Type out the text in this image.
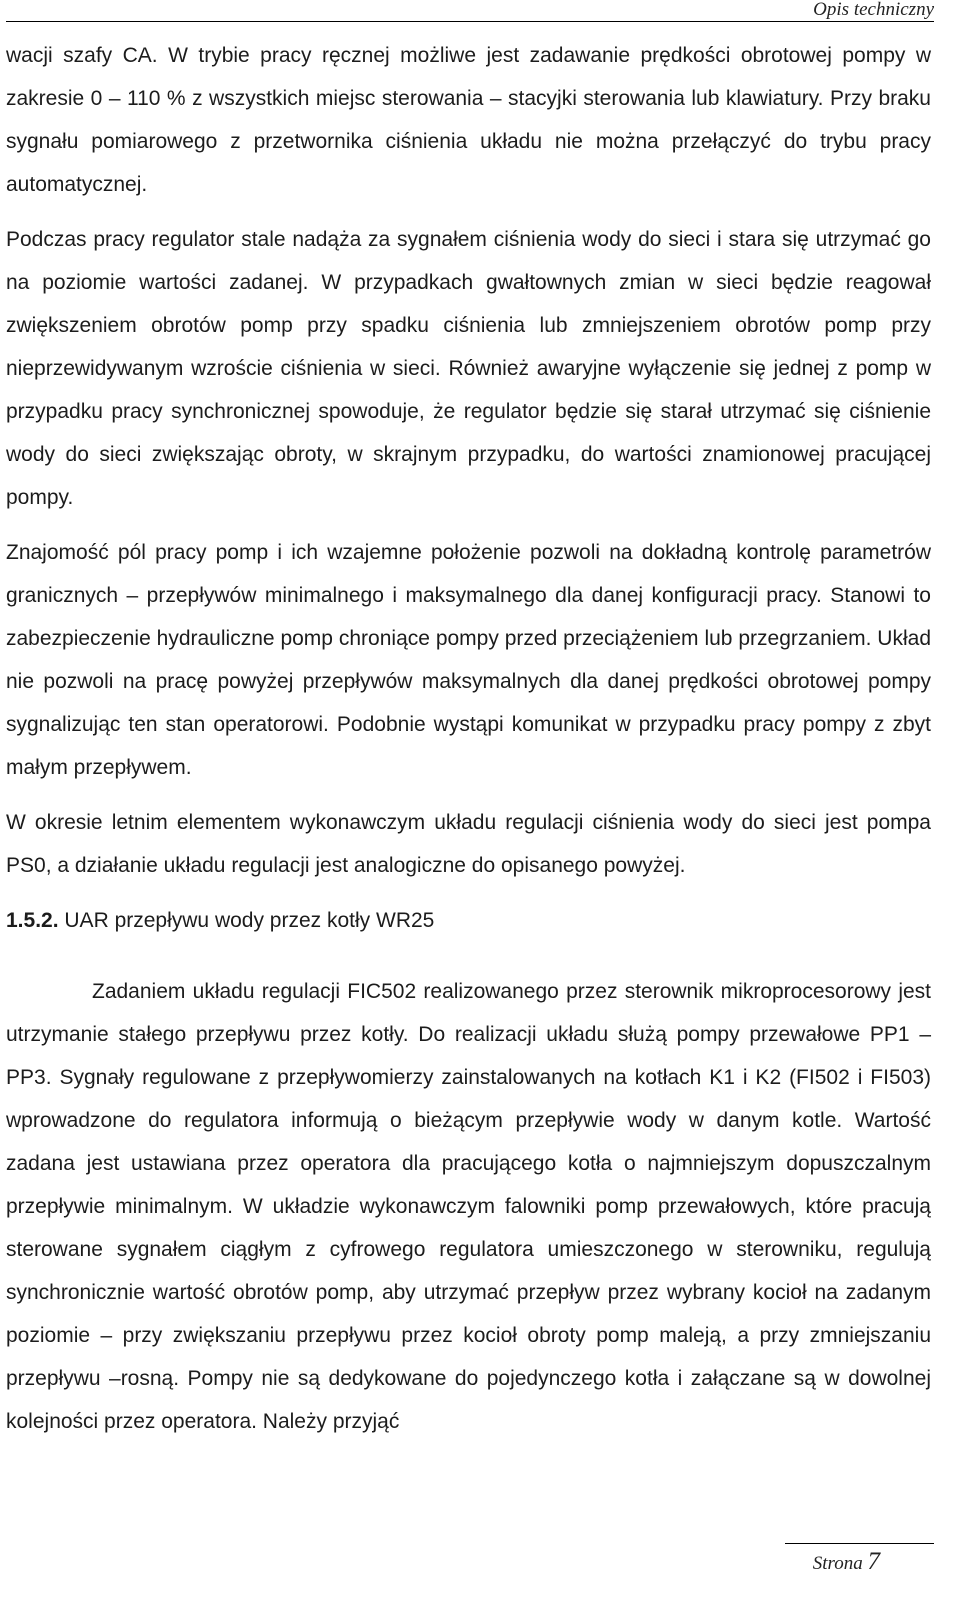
Opis techniczny

wacji szafy CA. W trybie pracy ręcznej możliwe jest zadawanie prędkości obrotowej pompy w zakresie 0 – 110 % z wszystkich miejsc sterowania – stacyjki sterowania lub klawiatury. Przy braku sygnału pomiarowego z przetwornika ciśnienia układu nie można przełączyć do trybu pracy automatycznej.

Podczas pracy regulator stale nadąża za sygnałem ciśnienia wody do sieci i stara się utrzymać go na poziomie wartości zadanej. W przypadkach gwałtownych zmian w sieci będzie reagował zwiększeniem obrotów pomp przy spadku ciśnienia lub zmniejszeniem obrotów pomp przy nieprzewidywanym wzroście ciśnienia w sieci. Również awaryjne wyłączenie się jednej z pomp w przypadku pracy synchronicznej spowoduje, że regulator będzie się starał utrzymać się ciśnienie wody do sieci zwiększając obroty, w skrajnym przypadku, do wartości znamionowej pracującej pompy.

Znajomość pól pracy pomp i ich wzajemne położenie pozwoli na dokładną kontrolę parametrów granicznych – przepływów minimalnego i maksymalnego dla danej konfiguracji pracy. Stanowi to zabezpieczenie hydrauliczne pomp chroniące pompy przed przeciążeniem lub przegrzaniem. Układ nie pozwoli na pracę powyżej przepływów maksymalnych dla danej prędkości obrotowej pompy sygnalizując ten stan operatorowi. Podobnie wystąpi komunikat w przypadku pracy pompy z zbyt małym przepływem.

W okresie letnim elementem wykonawczym układu regulacji ciśnienia wody do sieci jest pompa PS0, a działanie układu regulacji jest analogiczne do opisanego powyżej.

1.5.2. UAR przepływu wody przez kotły WR25

Zadaniem układu regulacji FIC502 realizowanego przez sterownik mikroprocesorowy jest utrzymanie stałego przepływu przez kotły. Do realizacji układu służą pompy przewałowe PP1 – PP3. Sygnały regulowane z przepływomierzy zainstalowanych na kotłach K1 i K2 (FI502 i FI503) wprowadzone do regulatora informują o bieżącym przepływie wody w danym kotle. Wartość zadana jest ustawiana przez operatora dla pracującego kotła o najmniejszym dopuszczalnym przepływie minimalnym. W układzie wykonawczym falowniki pomp przewałowych, które pracują sterowane sygnałem ciągłym z cyfrowego regulatora umieszczonego w sterowniku, regulują synchronicznie wartość obrotów pomp, aby utrzymać przepływ przez wybrany kocioł na zadanym poziomie – przy zwiększaniu przepływu przez kocioł obroty pomp maleją, a przy zmniejszaniu przepływu –rosną. Pompy nie są dedykowane do pojedynczego kotła i załączane są w dowolnej kolejności przez operatora. Należy przyjąć

Strona 7
